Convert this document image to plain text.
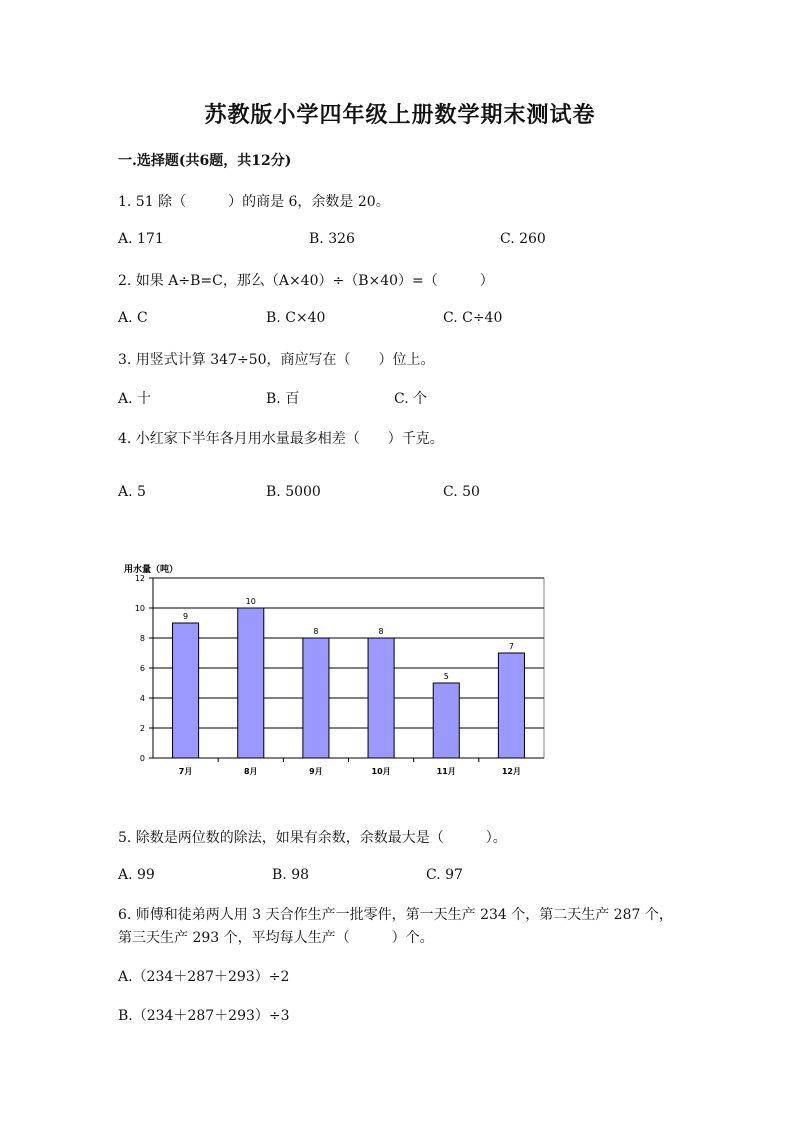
苏教版小学四年级上册数学期末测试卷
一.选择题(共6题，共12分)
1. 51 除（　　　）的商是 6，余数是 20。
A. 171	B. 326	C. 260
2. 如果 A÷B=C，那么（A×40）÷（B×40）=（　　　）
A. C	B. C×40	C. C÷40
3. 用竖式计算 347÷50，商应写在（　　）位上。
A. 十	B. 百	C. 个
4. 小红家下半年各月用水量最多相差（　　）千克。
A. 5	B. 5000	C. 50
用水量（吨）
0
2
4
6
8
10
12
9
7月
10
8月
8
9月
8
10月
5
11月
7
12月
5. 除数是两位数的除法，如果有余数，余数最大是（　　　）。
A. 99	B. 98	C. 97
6. 师傅和徒弟两人用 3 天合作生产一批零件，第一天生产 234 个，第二天生产 287 个，第三天生产 293 个，平均每人生产（　　　）个。
A.（234＋287＋293）÷2
B.（234＋287＋293）÷3
